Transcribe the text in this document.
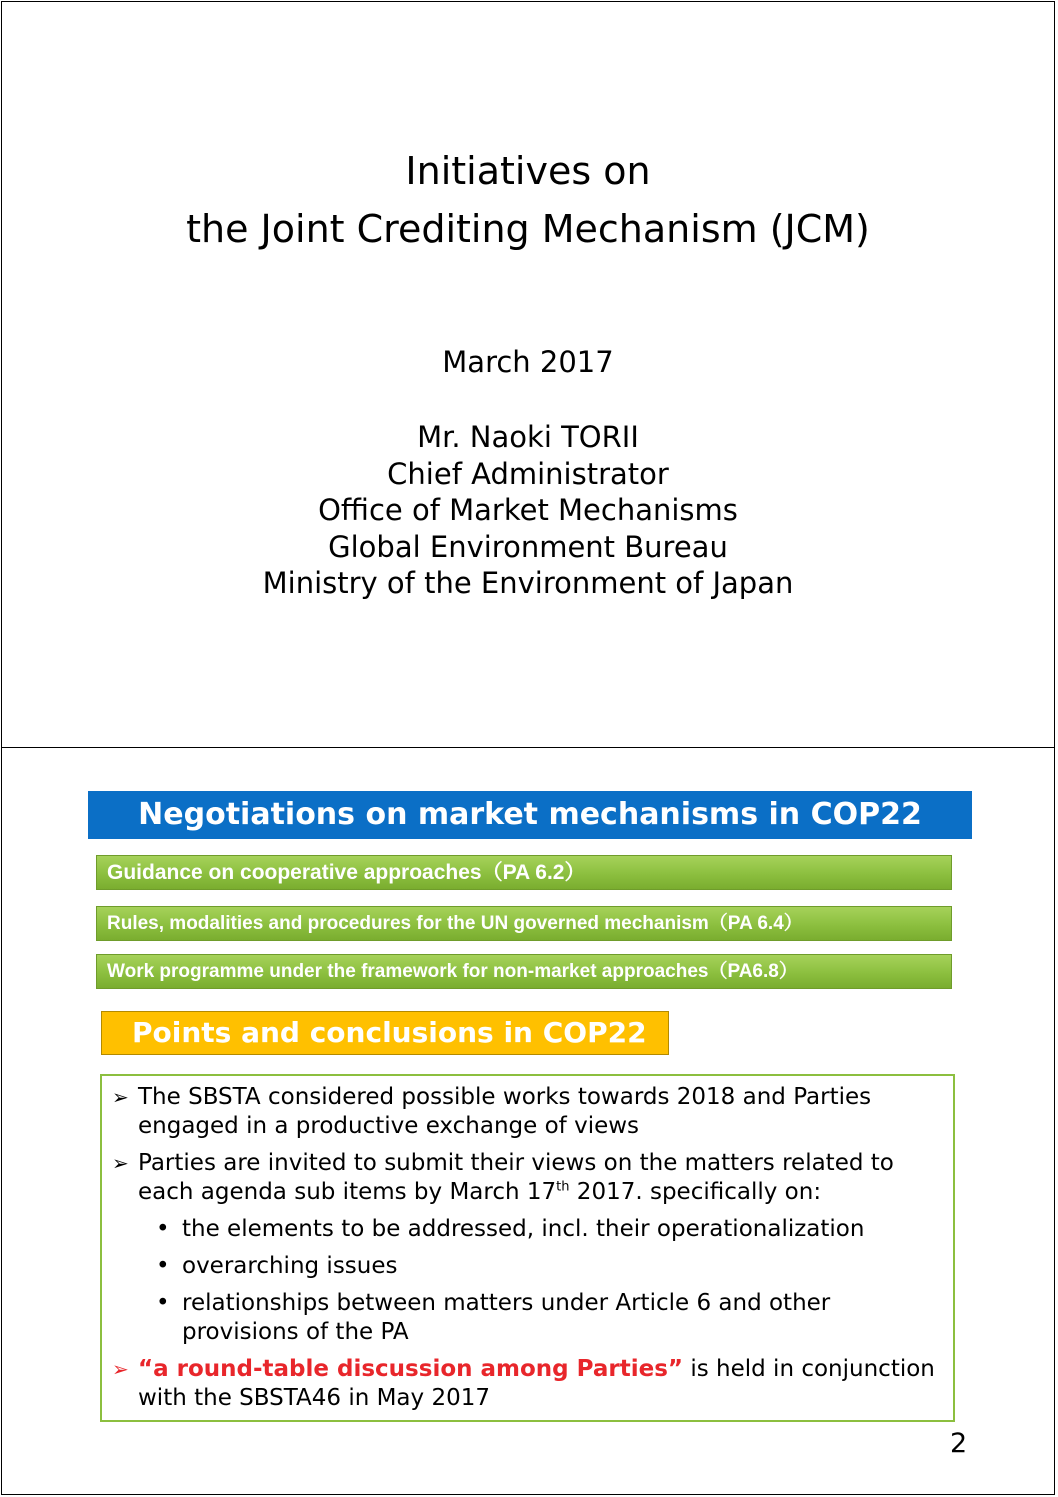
Initiatives on
the Joint Crediting Mechanism (JCM)
March 2017
Mr. Naoki TORII
Chief Administrator
Office of Market Mechanisms
Global Environment Bureau
Ministry of the Environment of Japan
Negotiations on market mechanisms in COP22
Guidance on cooperative approaches（PA 6.2）
Rules, modalities and procedures for the UN governed mechanism（PA 6.4）
Work programme under the framework for non-market approaches（PA6.8）
Points and conclusions in COP22
➢ The SBSTA considered possible works towards 2018 and Parties engaged in a productive exchange of views
➢ Parties are invited to submit their views on the matters related to each agenda sub items by March 17th 2017. specifically on:
• the elements to be addressed, incl. their operationalization
• overarching issues
• relationships between matters under Article 6 and other provisions of the PA
➢ “a round-table discussion among Parties” is held in conjunction with the SBSTA46 in May 2017
2
